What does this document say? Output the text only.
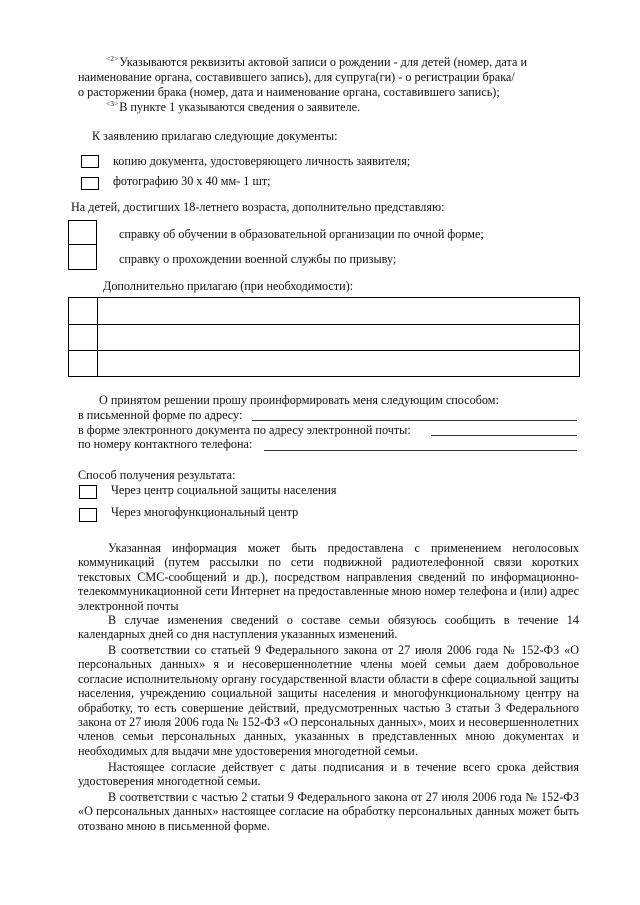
$^{<2>}$Указываются реквизиты актовой записи о рождении - для детей (номер, дата и
наименование органа, составившего запись), для супруга(ги) - о регистрации брака/
о расторжении брака (номер, дата и наименование органа, составившего запись);
$^{<3>}$В пункте 1 указываются сведения о заявителе.
К заявлению прилагаю следующие документы:
копию документа, удостоверяющего личность заявителя;
фотографию 30 х 40 мм- 1 шт;
На детей, достигших 18-летнего возраста, дополнительно представляю:
справку об обучении в образовательной организации по очной форме;
справку о прохождении военной службы по призыву;
Дополнительно прилагаю (при необходимости):
О принятом решении прошу проинформировать меня следующим способом:
в письменной форме по адресу:
в форме электронного документа по адресу электронной почты:
по номеру контактного телефона:
Способ получения результата:
Через центр социальной защиты населения
Через многофункциональный центр
Указанная информация может быть предоставлена с применением неголосовых коммуникаций (путем рассылки по сети подвижной радиотелефонной связи коротких текстовых СМС-сообщений и др.), посредством направления сведений по информационно-телекоммуникационной сети Интернет на предоставленные мною номер телефона и (или) адрес электронной почты
В случае изменения сведений о составе семьи обязуюсь сообщить в течение 14 календарных дней со дня наступления указанных изменений.
В соответствии со статьей 9 Федерального закона от 27 июля 2006 года № 152-ФЗ «О персональных данных» я и несовершеннолетние члены моей семьи даем добровольное согласие исполнительному органу государственной власти области в сфере социальной защиты населения, учреждению социальной защиты населения и многофункциональному центру на обработку, то есть совершение действий, предусмотренных частью 3 статьи 3 Федерального закона от 27 июля 2006 года № 152-ФЗ «О персональных данных», моих и несовершеннолетних членов семьи персональных данных, указанных в представленных мною документах и необходимых для выдачи мне удостоверения многодетной семьи.
Настоящее согласие действует с даты подписания и в течение всего срока действия удостоверения многодетной семьи.
В соответствии с частью 2 статьи 9 Федерального закона от 27 июля 2006 года № 152-ФЗ «О персональных данных» настоящее согласие на обработку персональных данных может быть отозвано мною в письменной форме.
